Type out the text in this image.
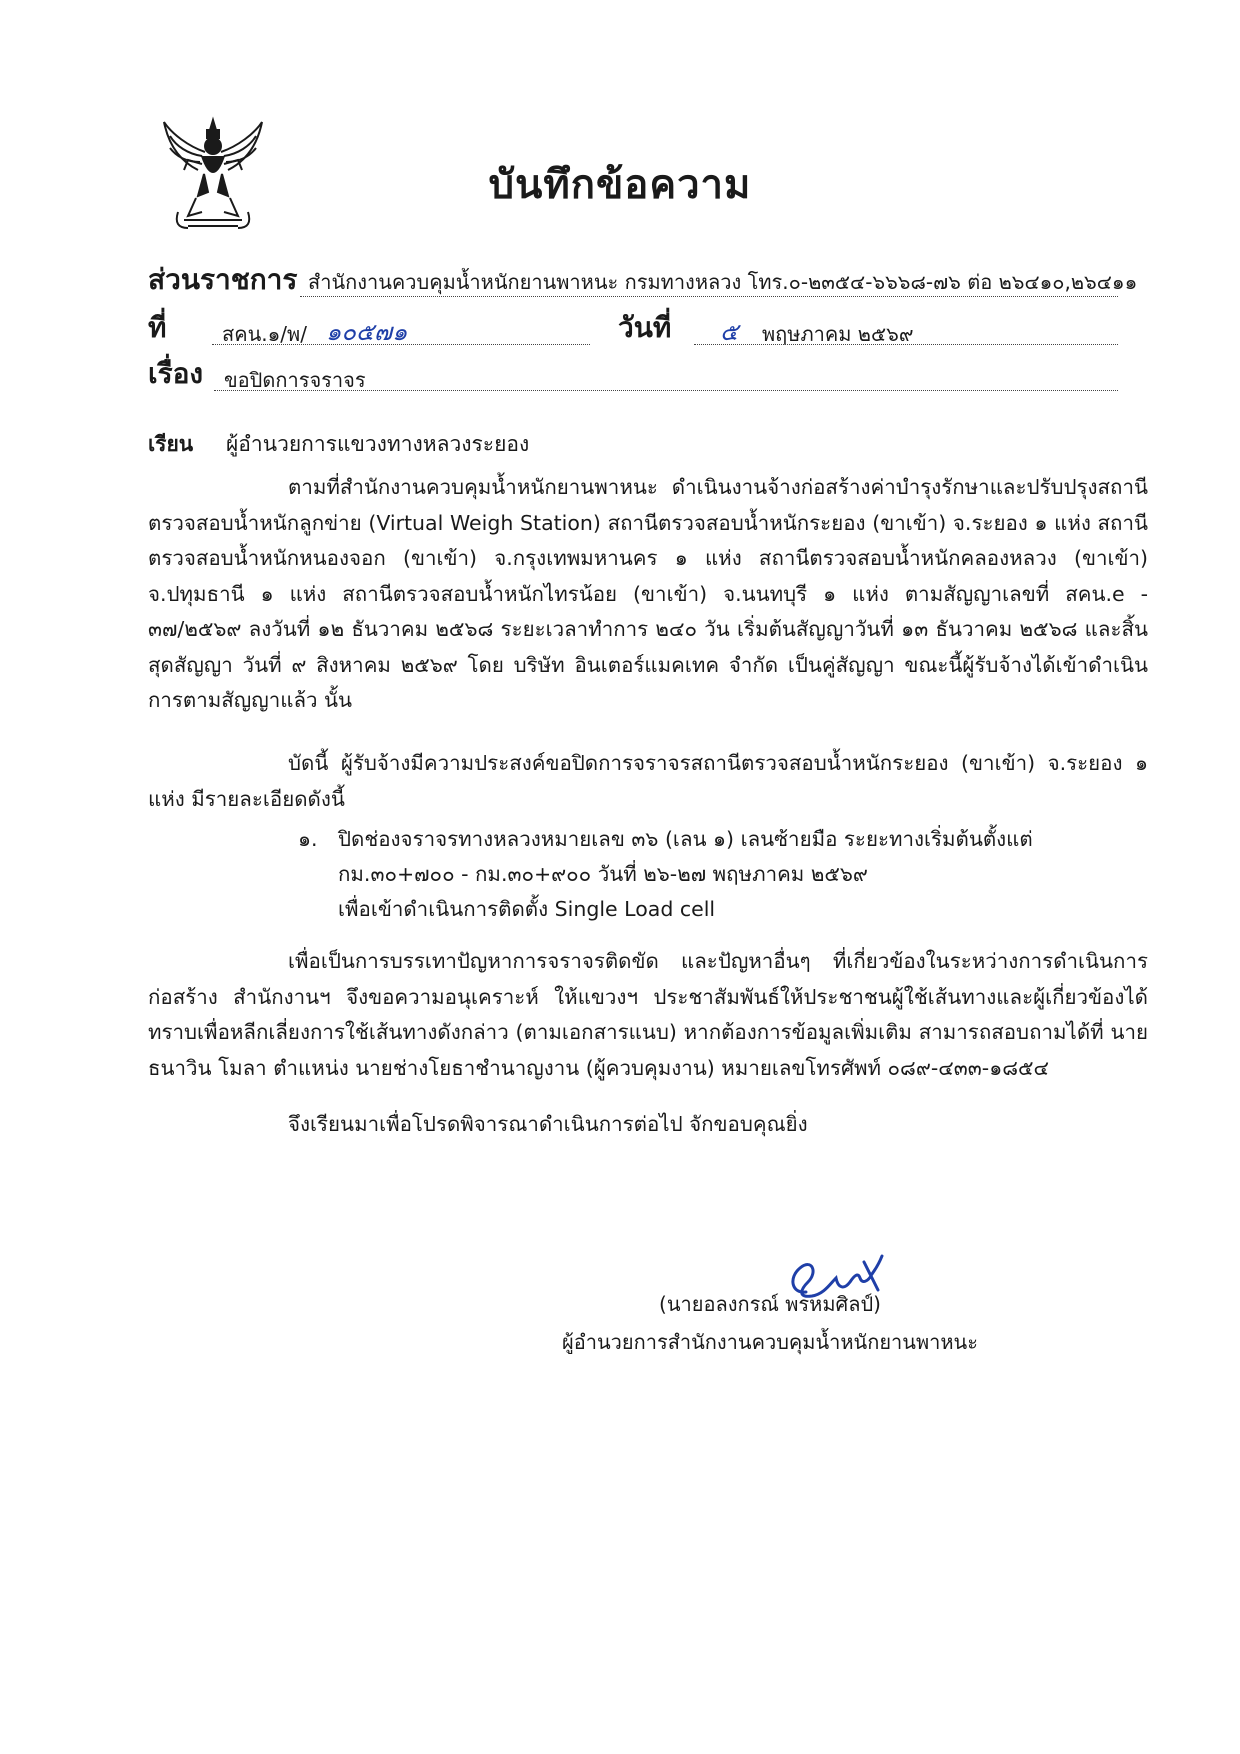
บันทึกข้อความ
ส่วนราชการ สำนักงานควบคุมน้ำหนักยานพาหนะ กรมทางหลวง โทร.๐-๒๓๕๔-๖๖๖๘-๗๖ ต่อ ๒๖๔๑๐,๒๖๔๑๑
ที่	สคน.๑/พ/ ๑๐๕๗๑	วันที่ ๕ พฤษภาคม ๒๕๖๙
เรื่อง ขอปิดการจราจร
เรียน ผู้อำนวยการแขวงทางหลวงระยอง
ตามที่สำนักงานควบคุมน้ำหนักยานพาหนะ ดำเนินงานจ้างก่อสร้างค่าบำรุงรักษาและปรับปรุงสถานีตรวจสอบน้ำหนักลูกข่าย (Virtual Weigh Station) สถานีตรวจสอบน้ำหนักระยอง (ขาเข้า) จ.ระยอง ๑ แห่ง สถานีตรวจสอบน้ำหนักหนองจอก (ขาเข้า) จ.กรุงเทพมหานคร ๑ แห่ง สถานีตรวจสอบน้ำหนักคลองหลวง (ขาเข้า) จ.ปทุมธานี ๑ แห่ง สถานีตรวจสอบน้ำหนักไทรน้อย (ขาเข้า) จ.นนทบุรี ๑ แห่ง ตามสัญญาเลขที่ สคน.e - ๓๗/๒๕๖๙ ลงวันที่ ๑๒ ธันวาคม ๒๕๖๘ ระยะเวลาทำการ ๒๔๐ วัน เริ่มต้นสัญญาวันที่ ๑๓ ธันวาคม ๒๕๖๘ และสิ้นสุดสัญญา วันที่ ๙ สิงหาคม ๒๕๖๙ โดย บริษัท อินเตอร์แมคเทค จำกัด เป็นคู่สัญญา ขณะนี้ผู้รับจ้างได้เข้าดำเนินการตามสัญญาแล้ว นั้น
บัดนี้ ผู้รับจ้างมีความประสงค์ขอปิดการจราจรสถานีตรวจสอบน้ำหนักระยอง (ขาเข้า) จ.ระยอง ๑ แห่ง มีรายละเอียดดังนี้
๑. ปิดช่องจราจรทางหลวงหมายเลข ๓๖ (เลน ๑) เลนซ้ายมือ ระยะทางเริ่มต้นตั้งแต่
กม.๓๐+๗๐๐ - กม.๓๐+๙๐๐ วันที่ ๒๖-๒๗ พฤษภาคม ๒๕๖๙
เพื่อเข้าดำเนินการติดตั้ง Single Load cell
เพื่อเป็นการบรรเทาปัญหาการจราจรติดขัด และปัญหาอื่นๆ ที่เกี่ยวข้องในระหว่างการดำเนินการก่อสร้าง สำนักงานฯ จึงขอความอนุเคราะห์ ให้แขวงฯ ประชาสัมพันธ์ให้ประชาชนผู้ใช้เส้นทางและผู้เกี่ยวข้องได้ทราบเพื่อหลีกเลี่ยงการใช้เส้นทางดังกล่าว (ตามเอกสารแนบ) หากต้องการข้อมูลเพิ่มเติม สามารถสอบถามได้ที่ นายธนาวิน โมลา ตำแหน่ง นายช่างโยธาชำนาญงาน (ผู้ควบคุมงาน) หมายเลขโทรศัพท์ ๐๘๙-๔๓๓-๑๘๕๔
จึงเรียนมาเพื่อโปรดพิจารณาดำเนินการต่อไป จักขอบคุณยิ่ง
(นายอลงกรณ์ พรหมศิลป์)
ผู้อำนวยการสำนักงานควบคุมน้ำหนักยานพาหนะ
